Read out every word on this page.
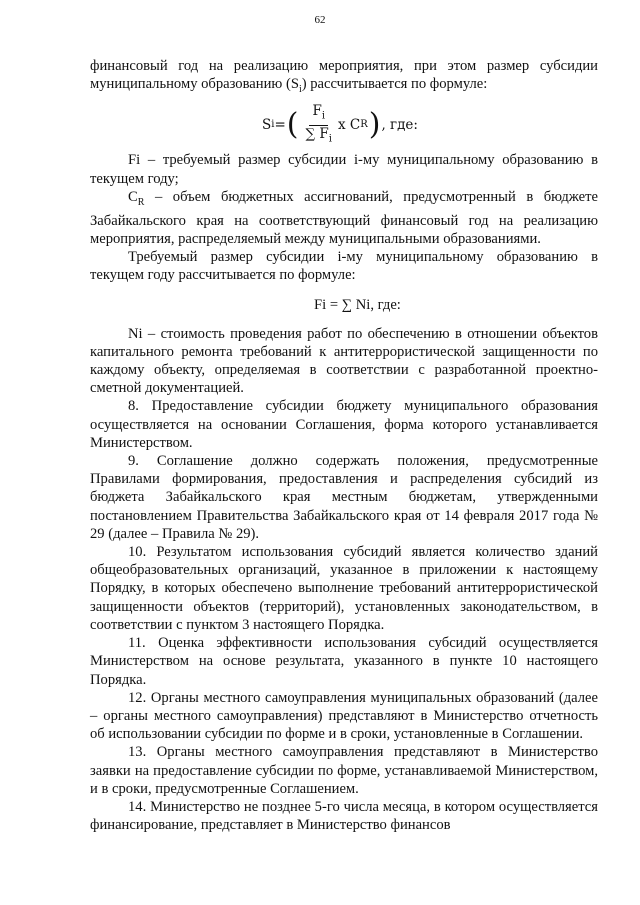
62

финансовый год на реализацию мероприятия, при этом размер субсидии муниципальному образованию $(S_i)$ рассчитывается по формуле:

S i = ( $\frac{F_i}{\sum F_i}$ x C R ) , где:

Fi – требуемый размер субсидии i-му муниципальному образованию в текущем году;

$C_R$ – объем бюджетных ассигнований, предусмотренный в бюджете Забайкальского края на соответствующий финансовый год на реализацию мероприятия, распределяемый между муниципальными образованиями.

Требуемый размер субсидии i-му муниципальному образованию в текущем году рассчитывается по формуле:

Fi = ∑ Ni, где:

Ni – стоимость проведения работ по обеспечению в отношении объектов капитального ремонта требований к антитеррористической защищенности по каждому объекту, определяемая в соответствии с разработанной проектно-сметной документацией.

8. Предоставление субсидии бюджету муниципального образования осуществляется на основании Соглашения, форма которого устанавливается Министерством.

9. Соглашение должно содержать положения, предусмотренные Правилами формирования, предоставления и распределения субсидий из бюджета Забайкальского края местным бюджетам, утвержденными постановлением Правительства Забайкальского края от 14 февраля 2017 года № 29 (далее – Правила № 29).

10. Результатом использования субсидий является количество зданий общеобразовательных организаций, указанное в приложении к настоящему Порядку, в которых обеспечено выполнение требований антитеррористической защищенности объектов (территорий), установленных законодательством, в соответствии с пунктом 3 настоящего Порядка.

11. Оценка эффективности использования субсидий осуществляется Министерством на основе результата, указанного в пункте 10 настоящего Порядка.

12. Органы местного самоуправления муниципальных образований (далее – органы местного самоуправления) представляют в Министерство отчетность об использовании субсидии по форме и в сроки, установленные в Соглашении.

13. Органы местного самоуправления представляют в Министерство заявки на предоставление субсидии по форме, устанавливаемой Министерством, и в сроки, предусмотренные Соглашением.

14. Министерство не позднее 5-го числа месяца, в котором осуществляется финансирование, представляет в Министерство финансов
